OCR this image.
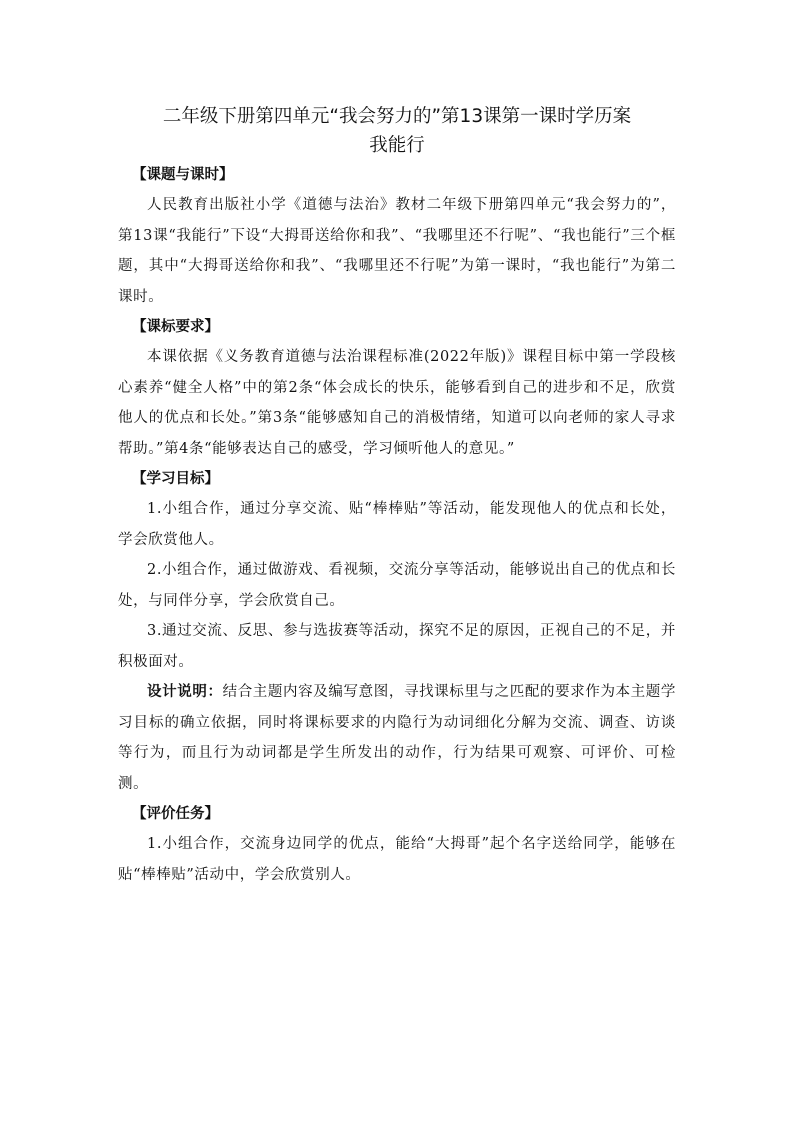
二年级下册第四单元“我会努力的”第13课第一课时学历案
我能行
【课题与课时】

人民教育出版社小学《道德与法治》教材二年级下册第四单元“我会努力的”，第13课“我能行”下设“大拇哥送给你和我”、“我哪里还不行呢”、“我也能行”三个框题，其中“大拇哥送给你和我”、“我哪里还不行呢”为第一课时，“我也能行”为第二课时。

【课标要求】

本课依据《义务教育道德与法治课程标准(2022年版)》课程目标中第一学段核心素养“健全人格”中的第2条“体会成长的快乐，能够看到自己的进步和不足，欣赏他人的优点和长处。”第3条“能够感知自己的消极情绪，知道可以向老师的家人寻求帮助。”第4条“能够表达自己的感受，学习倾听他人的意见。”

【学习目标】

1.小组合作，通过分享交流、贴“棒棒贴”等活动，能发现他人的优点和长处，学会欣赏他人。

2.小组合作，通过做游戏、看视频，交流分享等活动，能够说出自己的优点和长处，与同伴分享，学会欣赏自己。

3.通过交流、反思、参与选拔赛等活动，探究不足的原因，正视自己的不足，并积极面对。

设计说明：结合主题内容及编写意图，寻找课标里与之匹配的要求作为本主题学习目标的确立依据，同时将课标要求的内隐行为动词细化分解为交流、调查、访谈等行为，而且行为动词都是学生所发出的动作，行为结果可观察、可评价、可检测。

【评价任务】

1.小组合作，交流身边同学的优点，能给“大拇哥”起个名字送给同学，能够在贴“棒棒贴”活动中，学会欣赏别人。
